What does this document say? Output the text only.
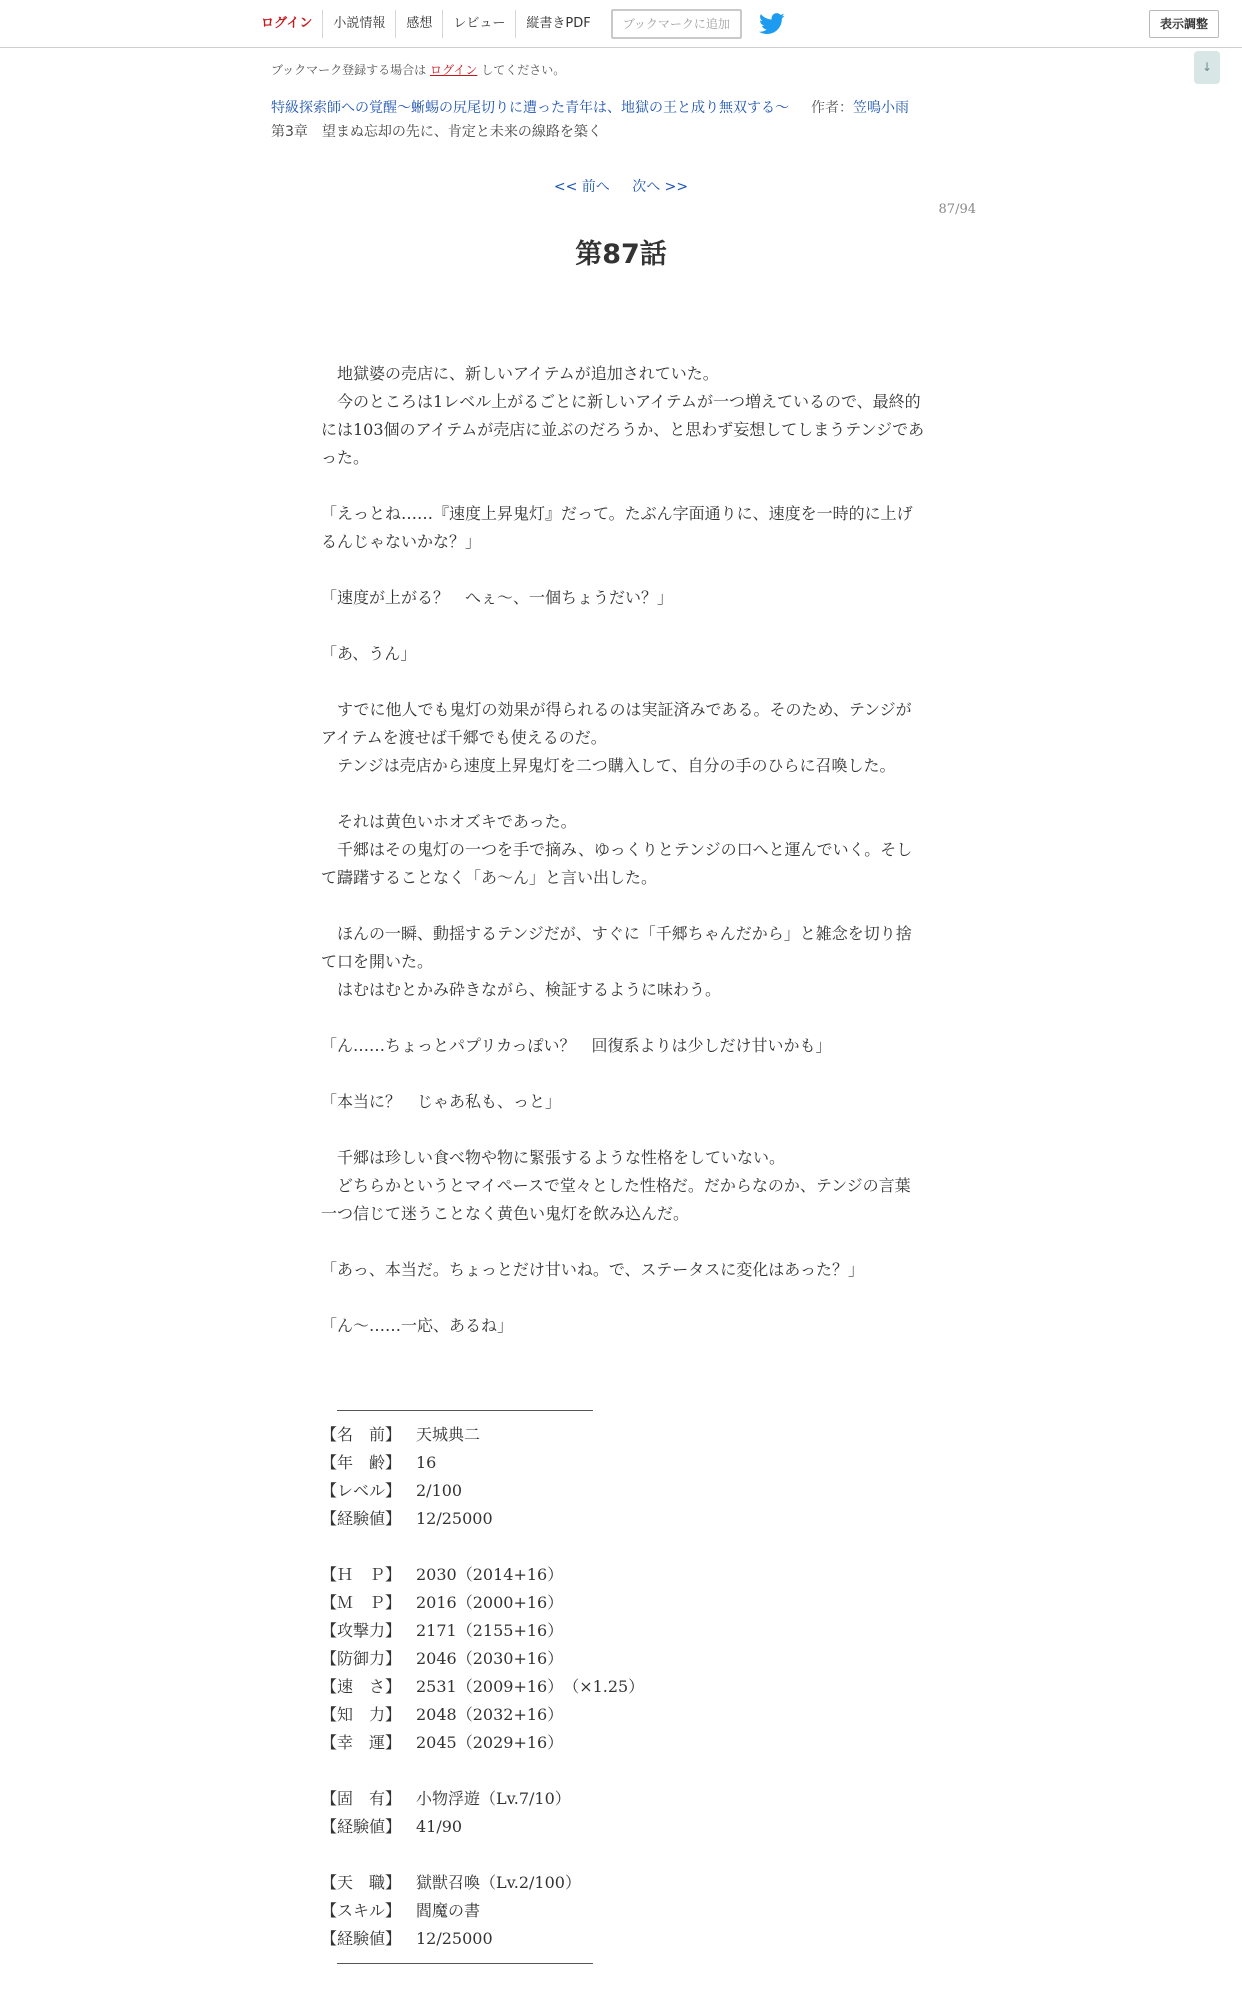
ログイン	小説情報	感想	レビュー	縦書きPDF	ブックマークに追加	表示調整
↓
ブックマーク登録する場合は ログイン してください。
特級探索師への覚醒～蜥蜴の尻尾切りに遭った青年は、地獄の王と成り無双する～ 作者：笠鳴小雨
第3章　望まぬ忘却の先に、肯定と未来の線路を築く
<< 前へ 次へ >>
87/94
第87話

　地獄婆の売店に、新しいアイテムが追加されていた。

　今のところは1レベル上がるごとに新しいアイテムが一つ増えているので、最終的には103個のアイテムが売店に並ぶのだろうか、と思わず妄想してしまうテンジであった。

「えっとね……『速度上昇鬼灯』だって。たぶん字面通りに、速度を一時的に上げるんじゃないかな？」

「速度が上がる？　へぇ～、一個ちょうだい？」

「あ、うん」

　すでに他人でも鬼灯の効果が得られるのは実証済みである。そのため、テンジがアイテムを渡せば千郷でも使えるのだ。

　テンジは売店から速度上昇鬼灯を二つ購入して、自分の手のひらに召喚した。

　それは黄色いホオズキであった。

　千郷はその鬼灯の一つを手で摘み、ゆっくりとテンジの口へと運んでいく。そして躊躇することなく「あ～ん」と言い出した。

　ほんの一瞬、動揺するテンジだが、すぐに「千郷ちゃんだから」と雑念を切り捨て口を開いた。

　はむはむとかみ砕きながら、検証するように味わう。

「ん……ちょっとパプリカっぽい？　回復系よりは少しだけ甘いかも」

「本当に？　じゃあ私も、っと」

　千郷は珍しい食べ物や物に緊張するような性格をしていない。

　どちらかというとマイペースで堂々とした性格だ。だからなのか、テンジの言葉一つ信じて迷うことなく黄色い鬼灯を飲み込んだ。

「あっ、本当だ。ちょっとだけ甘いね。で、ステータスに変化はあった？」

「ん～……一応、あるね」

【名　前】 天城典二
【年　齢】 16
【レベル】 2/100
【経験値】 12/25000
【Ｈ　Ｐ】 2030（2014+16）
【Ｍ　Ｐ】 2016（2000+16）
【攻撃力】 2171（2155+16）
【防御力】 2046（2030+16）
【速　さ】 2531（2009+16）　（×1.25）
【知　力】 2048（2032+16）
【幸　運】 2045（2029+16）
【固　有】 小物浮遊（Lv.7/10）
【経験値】 41/90
【天　職】 獄獣召喚（Lv.2/100）
【スキル】 閻魔の書
【経験値】 12/25000
